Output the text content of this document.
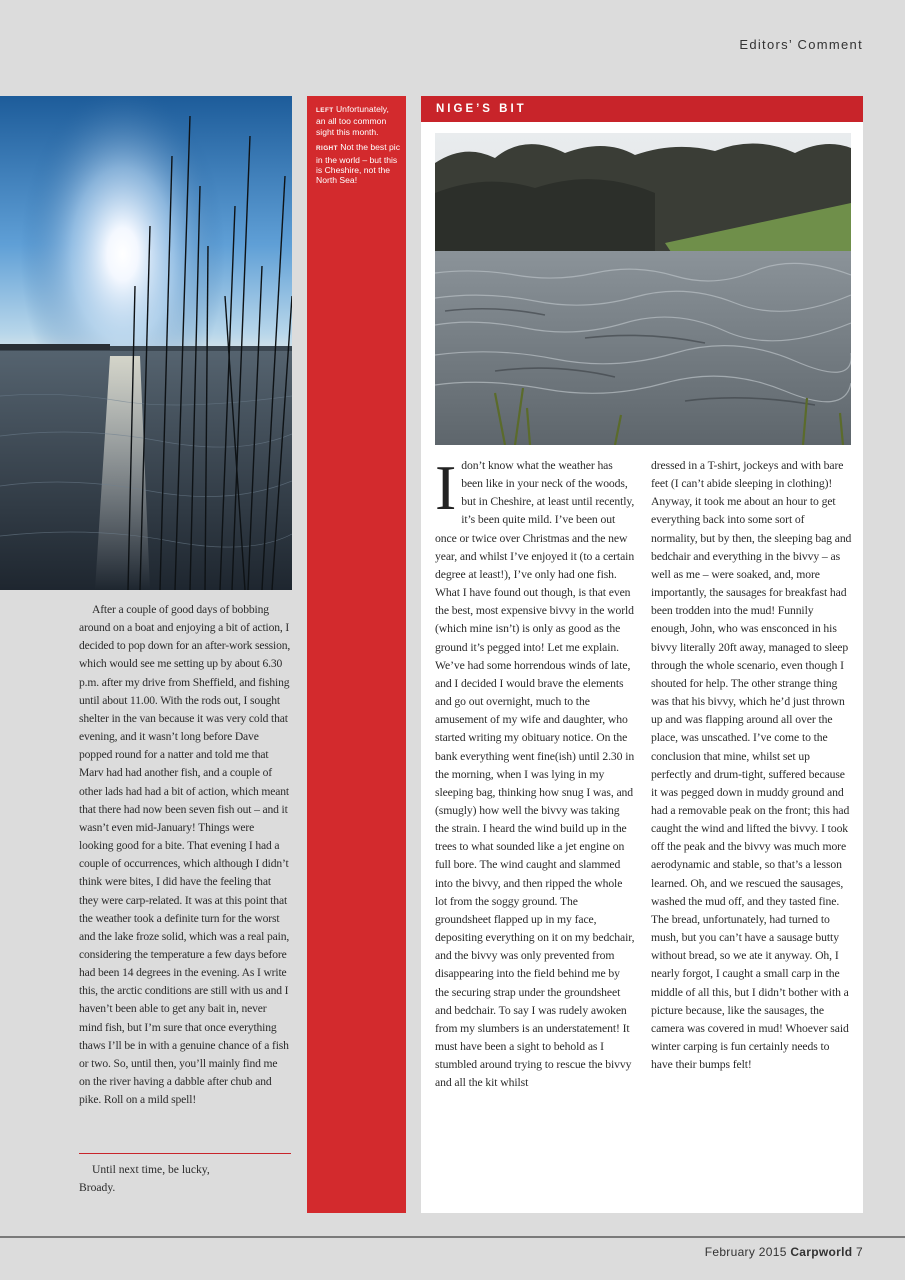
Editors’ Comment

After a couple of good days of bobbing around on a boat and enjoying a bit of action, I decided to pop down for an after-work session, which would see me setting up by about 6.30 p.m. after my drive from Sheffield, and fishing until about 11.00. With the rods out, I sought shelter in the van because it was very cold that evening, and it wasn’t long before Dave popped round for a natter and told me that Marv had had another fish, and a couple of other lads had had a bit of action, which meant that there had now been seven fish out – and it wasn’t even mid-January! Things were looking good for a bite. That evening I had a couple of occurrences, which although I didn’t think were bites, I did have the feeling that they were carp-related. It was at this point that the weather took a definite turn for the worst and the lake froze solid, which was a real pain, considering the temperature a few days before had been 14 degrees in the evening. As I write this, the arctic conditions are still with us and I haven’t been able to get any bait in, never mind fish, but I’m sure that once everything thaws I’ll be in with a genuine chance of a fish or two. So, until then, you’ll mainly find me on the river having a dabble after chub and pike. Roll on a mild spell!

Until next time, be lucky,
Broady.

LEFT Unfortunately, an all too common sight this month.

RIGHT Not the best pic in the world – but this is Cheshire, not the North Sea!

NIGE’S BIT

I don’t know what the weather has been like in your neck of the woods, but in Cheshire, at least until recently, it’s been quite mild. I’ve been out once or twice over Christmas and the new year, and whilst I’ve enjoyed it (to a certain degree at least!), I’ve only had one fish. What I have found out though, is that even the best, most expensive bivvy in the world (which mine isn’t) is only as good as the ground it’s pegged into! Let me explain. We’ve had some horrendous winds of late, and I decided I would brave the elements and go out overnight, much to the amusement of my wife and daughter, who started writing my obituary notice. On the bank everything went fine(ish) until 2.30 in the morning, when I was lying in my sleeping bag, thinking how snug I was, and (smugly) how well the bivvy was taking the strain. I heard the wind build up in the trees to what sounded like a jet engine on full bore. The wind caught and slammed into the bivvy, and then ripped the whole lot from the soggy ground. The groundsheet flapped up in my face, depositing everything on it on my bedchair, and the bivvy was only prevented from disappearing into the field behind me by the securing strap under the groundsheet and bedchair. To say I was rudely awoken from my slumbers is an understatement! It must have been a sight to behold as I stumbled around trying to rescue the bivvy and all the kit whilst

dressed in a T-shirt, jockeys and with bare feet (I can’t abide sleeping in clothing)! Anyway, it took me about an hour to get everything back into some sort of normality, but by then, the sleeping bag and bedchair and everything in the bivvy – as well as me – were soaked, and, more importantly, the sausages for breakfast had been trodden into the mud! Funnily enough, John, who was ensconced in his bivvy literally 20ft away, managed to sleep through the whole scenario, even though I shouted for help. The other strange thing was that his bivvy, which he’d just thrown up and was flapping around all over the place, was unscathed. I’ve come to the conclusion that mine, whilst set up perfectly and drum-tight, suffered because it was pegged down in muddy ground and had a removable peak on the front; this had caught the wind and lifted the bivvy. I took off the peak and the bivvy was much more aerodynamic and stable, so that’s a lesson learned. Oh, and we rescued the sausages, washed the mud off, and they tasted fine. The bread, unfortunately, had turned to mush, but you can’t have a sausage butty without bread, so we ate it anyway. Oh, I nearly forgot, I caught a small carp in the middle of all this, but I didn’t bother with a picture because, like the sausages, the camera was covered in mud! Whoever said winter carping is fun certainly needs to have their bumps felt!

February 2015 Carpworld 7
